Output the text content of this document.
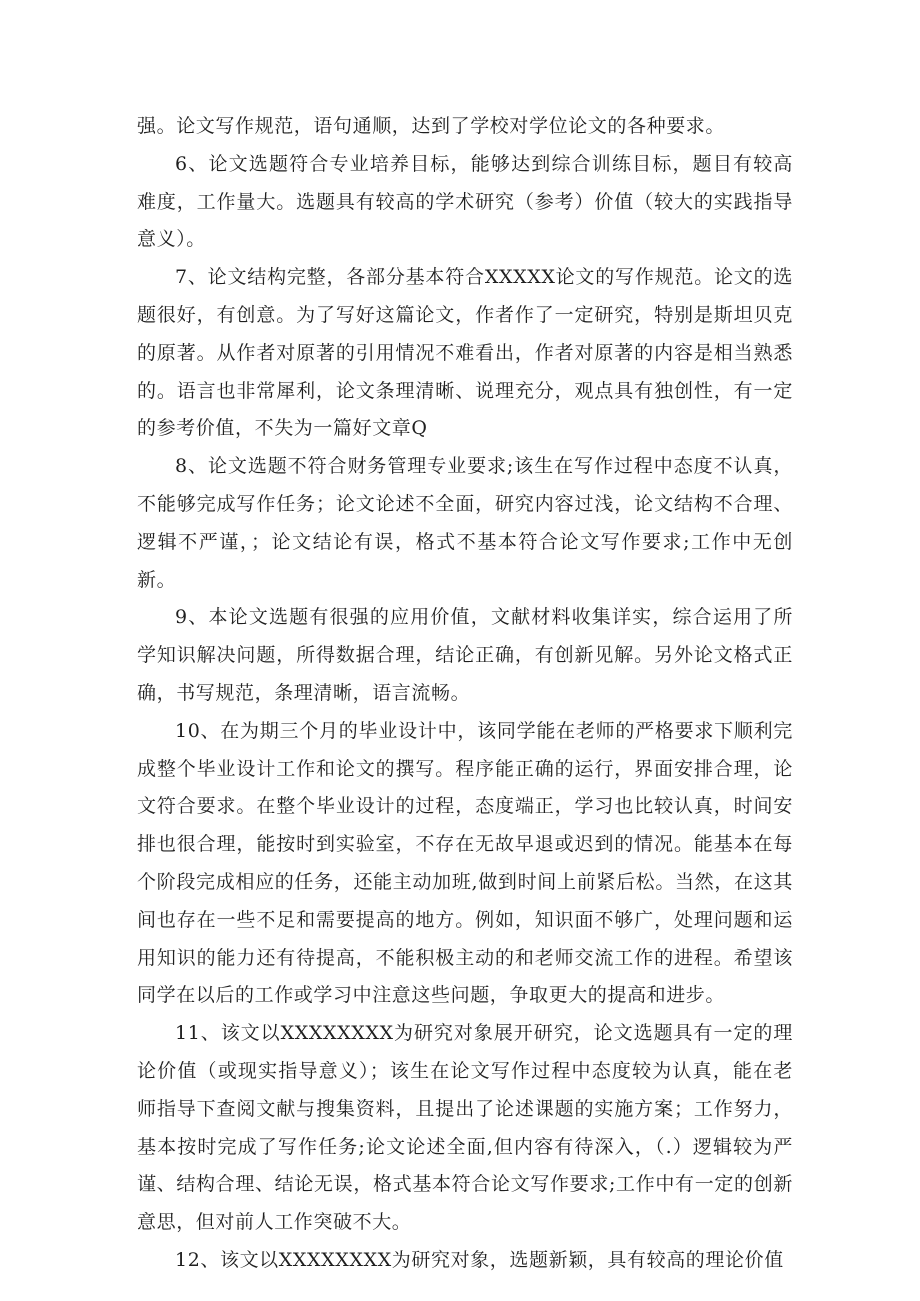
强。论文写作规范，语句通顺，达到了学校对学位论文的各种要求。

6、论文选题符合专业培养目标，能够达到综合训练目标，题目有较高难度，工作量大。选题具有较高的学术研究（参考）价值（较大的实践指导意义）。

7、论文结构完整，各部分基本符合XXXXX论文的写作规范。论文的选题很好，有创意。为了写好这篇论文，作者作了一定研究，特别是斯坦贝克的原著。从作者对原著的引用情况不难看出，作者对原著的内容是相当熟悉的。语言也非常犀利，论文条理清晰、说理充分，观点具有独创性，有一定的参考价值，不失为一篇好文章Q

8、论文选题不符合财务管理专业要求;该生在写作过程中态度不认真，不能够完成写作任务；论文论述不全面，研究内容过浅，论文结构不合理、逻辑不严谨，；论文结论有误，格式不基本符合论文写作要求;工作中无创新。

9、本论文选题有很强的应用价值，文献材料收集详实，综合运用了所学知识解决问题，所得数据合理，结论正确，有创新见解。另外论文格式正确，书写规范，条理清晰，语言流畅。

10、在为期三个月的毕业设计中，该同学能在老师的严格要求下顺利完成整个毕业设计工作和论文的撰写。程序能正确的运行，界面安排合理，论文符合要求。在整个毕业设计的过程，态度端正，学习也比较认真，时间安排也很合理，能按时到实验室，不存在无故早退或迟到的情况。能基本在每个阶段完成相应的任务，还能主动加班,做到时间上前紧后松。当然，在这其间也存在一些不足和需要提高的地方。例如，知识面不够广，处理问题和运用知识的能力还有待提高，不能积极主动的和老师交流工作的进程。希望该同学在以后的工作或学习中注意这些问题，争取更大的提高和进步。

11、该文以XXXXXXXX为研究对象展开研究，论文选题具有一定的理论价值（或现实指导意义）；该生在论文写作过程中态度较为认真，能在老师指导下查阅文献与搜集资料，且提出了论述课题的实施方案；工作努力，基本按时完成了写作任务;论文论述全面,但内容有待深入，（.）逻辑较为严谨、结构合理、结论无误，格式基本符合论文写作要求;工作中有一定的创新意思，但对前人工作突破不大。

12、该文以XXXXXXXX为研究对象，选题新颖，具有较高的理论价值
